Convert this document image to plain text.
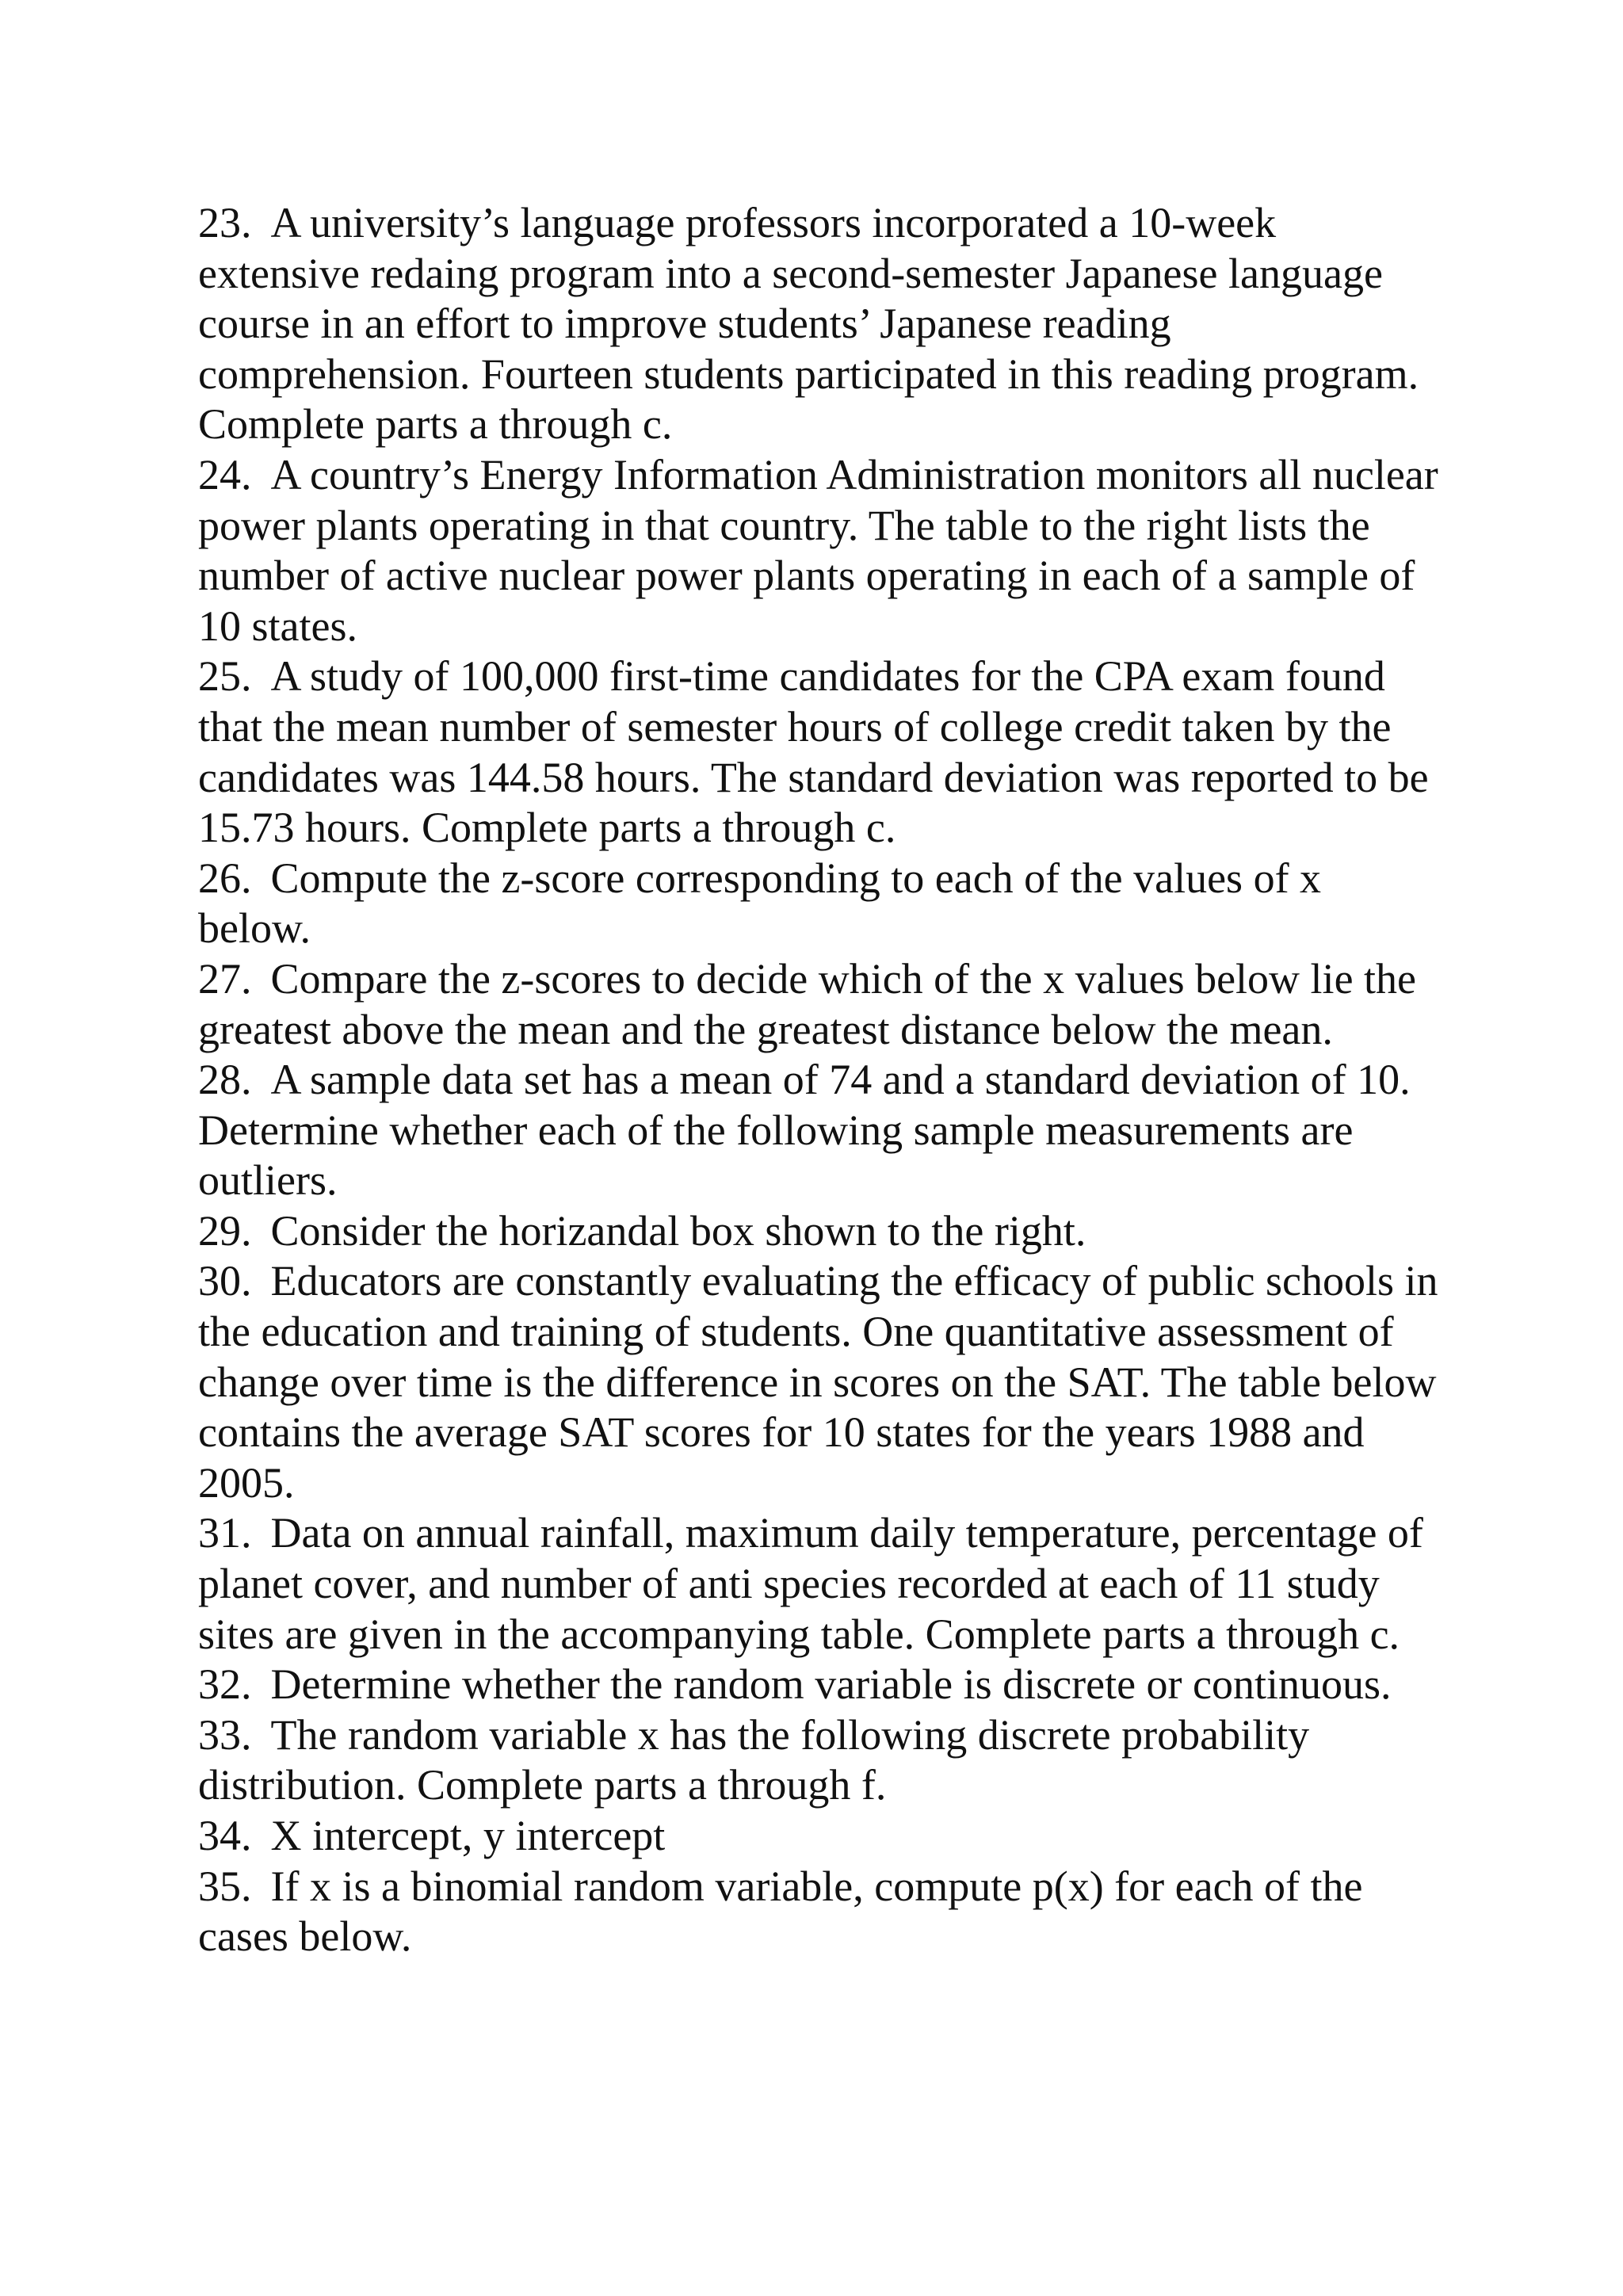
23. A university’s language professors incorporated a 10-week extensive redaing program into a second-semester Japanese language course in an effort to improve students’ Japanese reading comprehension. Fourteen students participated in this reading program. Complete parts a through c.
24. A country’s Energy Information Administration monitors all nuclear power plants operating in that country. The table to the right lists the number of active nuclear power plants operating in each of a sample of 10 states.
25. A study of 100,000 first-time candidates for the CPA exam found that the mean number of semester hours of college credit taken by the candidates was 144.58 hours. The standard deviation was reported to be 15.73 hours. Complete parts a through c.
26. Compute the z-score corresponding to each of the values of x below.
27. Compare the z-scores to decide which of the x values below lie the greatest above the mean and the greatest distance below the mean.
28. A sample data set has a mean of 74 and a standard deviation of 10. Determine whether each of the following sample measurements are outliers.
29. Consider the horizandal box shown to the right.
30. Educators are constantly evaluating the efficacy of public schools in the education and training of students. One quantitative assessment of change over time is the difference in scores on the SAT. The table below contains the average SAT scores for 10 states for the years 1988 and 2005.
31. Data on annual rainfall, maximum daily temperature, percentage of planet cover, and number of anti species recorded at each of 11 study sites are given in the accompanying table. Complete parts a through c.
32. Determine whether the random variable is discrete or continuous.
33. The random variable x has the following discrete probability distribution. Complete parts a through f.
34. X intercept, y intercept
35. If x is a binomial random variable, compute p(x) for each of the cases below.
